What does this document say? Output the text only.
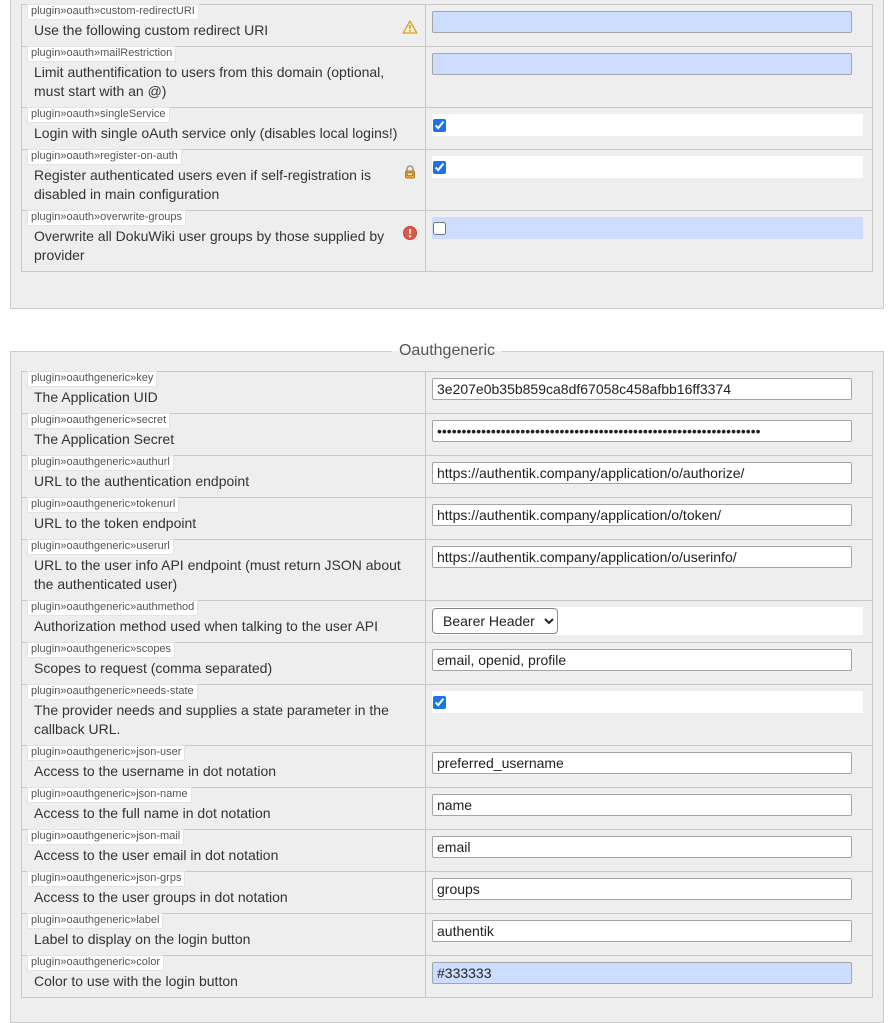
plugin»oauth»custom-redirectURI
Use the following custom redirect URI
plugin»oauth»mailRestriction
Limit authentification to users from this domain (optional, must start with an @)
plugin»oauth»singleService
Login with single oAuth service only (disables local logins!)
plugin»oauth»register-on-auth
Register authenticated users even if self-registration is disabled in main configuration
plugin»oauth»overwrite-groups
Overwrite all DokuWiki user groups by those supplied by provider
Oauthgeneric
plugin»oauthgeneric»key
The Application UID
3e207e0b35b859ca8df67058c458afbb16ff3374
plugin»oauthgeneric»secret
The Application Secret
plugin»oauthgeneric»authurl
URL to the authentication endpoint
https://authentik.company/application/o/authorize/
plugin»oauthgeneric»tokenurl
URL to the token endpoint
https://authentik.company/application/o/token/
plugin»oauthgeneric»userurl
URL to the user info API endpoint (must return JSON about the authenticated user)
https://authentik.company/application/o/userinfo/
plugin»oauthgeneric»authmethod
Authorization method used when talking to the user API
Bearer Header
plugin»oauthgeneric»scopes
Scopes to request (comma separated)
email, openid, profile
plugin»oauthgeneric»needs-state
The provider needs and supplies a state parameter in the callback URL.
plugin»oauthgeneric»json-user
Access to the username in dot notation
preferred_username
plugin»oauthgeneric»json-name
Access to the full name in dot notation
name
plugin»oauthgeneric»json-mail
Access to the user email in dot notation
email
plugin»oauthgeneric»json-grps
Access to the user groups in dot notation
groups
plugin»oauthgeneric»label
Label to display on the login button
authentik
plugin»oauthgeneric»color
Color to use with the login button
#333333
